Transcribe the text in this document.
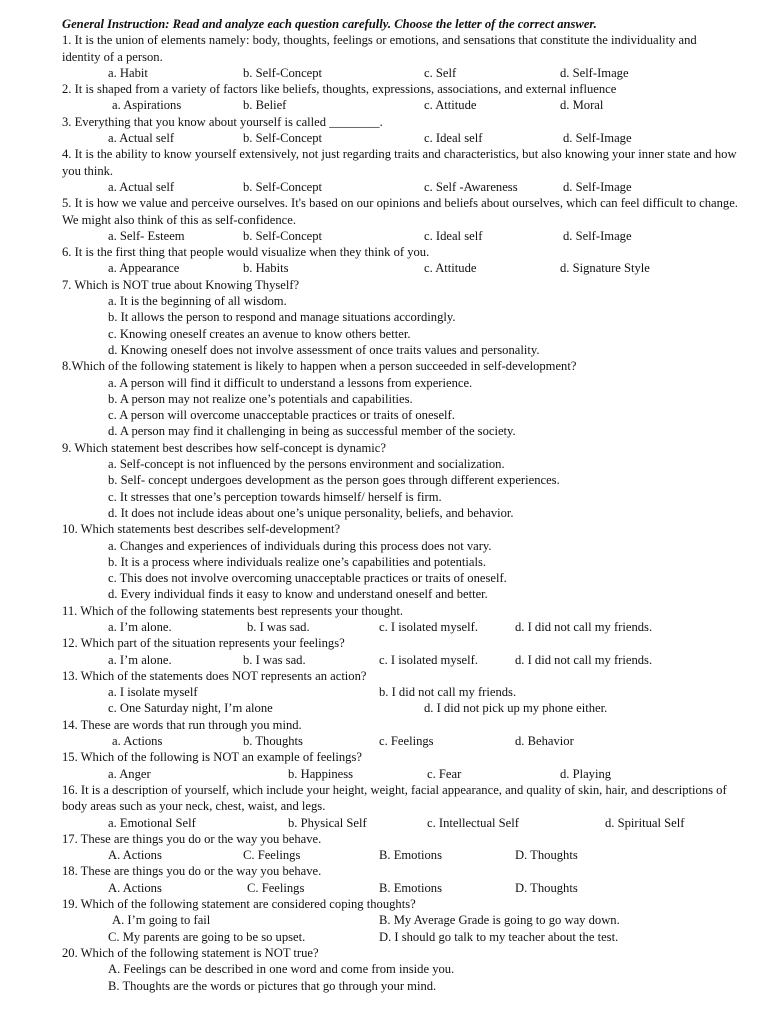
General Instruction: Read and analyze each question carefully. Choose the letter of the correct answer.
1. It is the union of elements namely: body, thoughts, feelings or emotions, and sensations that constitute the individuality and identity of a person.
a. Habit	b. Self-Concept	c. Self	d. Self-Image
2. It is shaped from a variety of factors like beliefs, thoughts, expressions, associations, and external influence
a. Aspirations	b. Belief	c. Attitude	d. Moral
3. Everything that you know about yourself is called ________.
a. Actual self	b. Self-Concept	c. Ideal self	d. Self-Image
4. It is the ability to know yourself extensively, not just regarding traits and characteristics, but also knowing your inner state and how you think.
a. Actual self	b. Self-Concept	c. Self -Awareness	d. Self-Image
5. It is how we value and perceive ourselves. It's based on our opinions and beliefs about ourselves, which can feel difficult to change. We might also think of this as self-confidence.
a. Self- Esteem	b. Self-Concept	c. Ideal self	d. Self-Image
6. It is the first thing that people would visualize when they think of you.
a. Appearance	b. Habits	c. Attitude	d. Signature Style
7. Which is NOT true about Knowing Thyself?
a. It is the beginning of all wisdom.
b. It allows the person to respond and manage situations accordingly.
c. Knowing oneself creates an avenue to know others better.
d. Knowing oneself does not involve assessment of once traits values and personality.
8.Which of the following statement is likely to happen when a person succeeded in self-development?
a. A person will find it difficult to understand a lessons from experience.
b. A person may not realize one’s potentials and capabilities.
c. A person will overcome unacceptable practices or traits of oneself.
d. A person may find it challenging in being as successful member of the society.
9. Which statement best describes how self-concept is dynamic?
a. Self-concept is not influenced by the persons environment and socialization.
b. Self- concept undergoes development as the person goes through different experiences.
c. It stresses that one’s perception towards himself/ herself is firm.
d. It does not include ideas about one’s unique personality, beliefs, and behavior.
10. Which statements best describes self-development?
a. Changes and experiences of individuals during this process does not vary.
b. It is a process where individuals realize one’s capabilities and potentials.
c. This does not involve overcoming unacceptable practices or traits of oneself.
d. Every individual finds it easy to know and understand oneself and better.
11. Which of the following statements best represents your thought.
a. I’m alone.	b. I was sad.	c. I isolated myself.	d. I did not call my friends.
12. Which part of the situation represents your feelings?
a. I’m alone.	b. I was sad.	c. I isolated myself.	d. I did not call my friends.
13. Which of the statements does NOT represents an action?
a. I isolate myself	b. I did not call my friends.
c. One Saturday night, I’m alone	d. I did not pick up my phone either.
14. These are words that run through you mind.
a. Actions	b. Thoughts	c. Feelings	d. Behavior
15. Which of the following is NOT an example of feelings?
a. Anger	b. Happiness	c. Fear	d. Playing
16. It is a description of yourself, which include your height, weight, facial appearance, and quality of skin, hair, and descriptions of body areas such as your neck, chest, waist, and legs.
a. Emotional Self	b. Physical Self	c. Intellectual Self	d. Spiritual Self
17. These are things you do or the way you behave.
A. Actions	C. Feelings	B. Emotions	D. Thoughts
18. These are things you do or the way you behave.
A. Actions	C. Feelings	B. Emotions	D. Thoughts
19. Which of the following statement are considered coping thoughts?
A. I’m going to fail	B. My Average Grade is going to go way down.
C. My parents are going to be so upset.	D. I should go talk to my teacher about the test.
20. Which of the following statement is NOT true?
A. Feelings can be described in one word and come from inside you.
B. Thoughts are the words or pictures that go through your mind.
